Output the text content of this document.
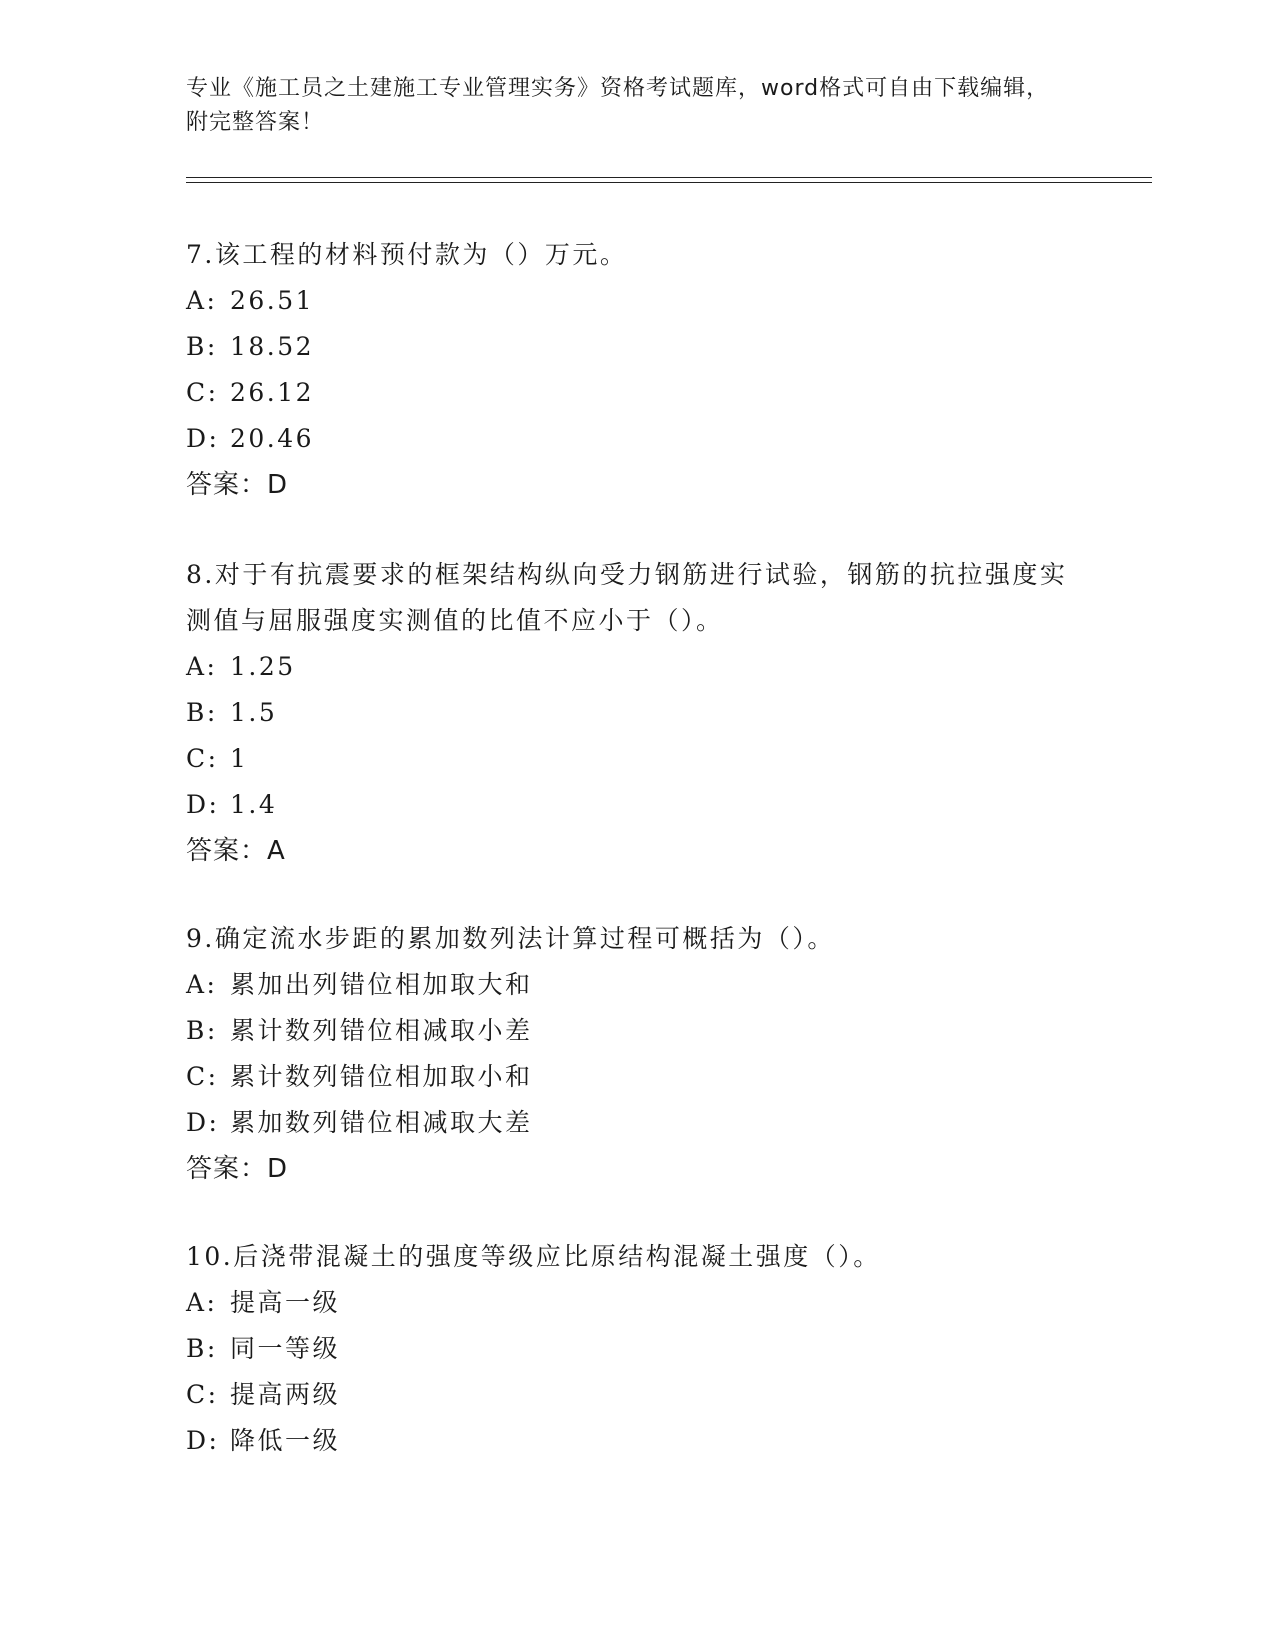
专业《施工员之土建施工专业管理实务》资格考试题库，word格式可自由下载编辑，附完整答案！
7.该工程的材料预付款为（）万元。
A: 26.51
B: 18.52
C: 26.12
D: 20.46
答案：D
8.对于有抗震要求的框架结构纵向受力钢筋进行试验，钢筋的抗拉强度实测值与屈服强度实测值的比值不应小于（）。
A: 1.25
B: 1.5
C: 1
D: 1.4
答案：A
9.确定流水步距的累加数列法计算过程可概括为（）。
A: 累加出列错位相加取大和
B: 累计数列错位相减取小差
C: 累计数列错位相加取小和
D: 累加数列错位相减取大差
答案：D
10.后浇带混凝土的强度等级应比原结构混凝土强度（）。
A: 提高一级
B: 同一等级
C: 提高两级
D: 降低一级
